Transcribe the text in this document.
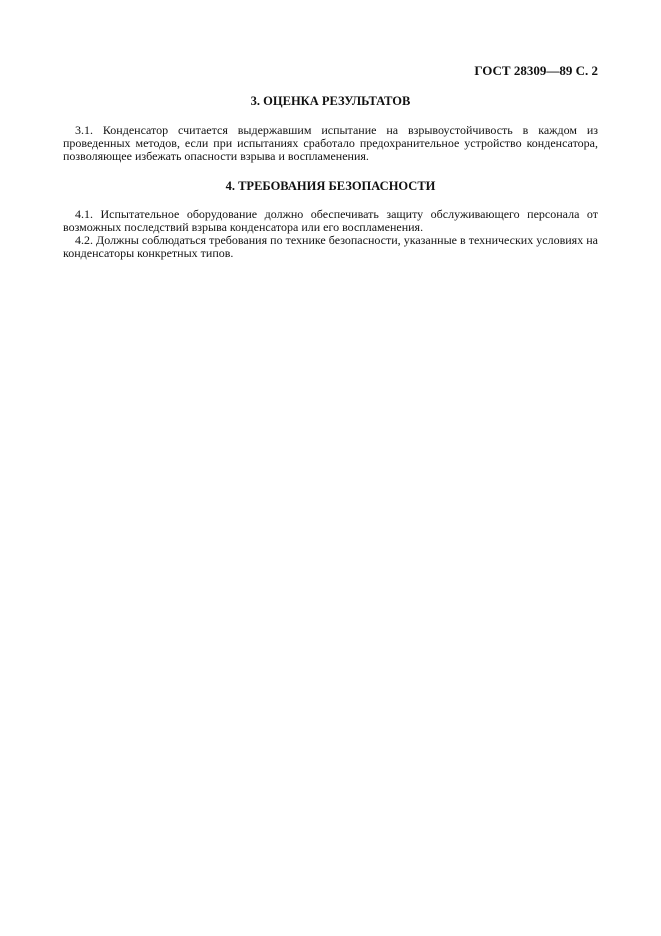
ГОСТ 28309—89 С. 2
3. ОЦЕНКА РЕЗУЛЬТАТОВ
3.1. Конденсатор считается выдержавшим испытание на взрывоустойчивость в каждом из проведенных методов, если при испытаниях сработало предохранительное устройство конденсатора, позволяющее избежать опасности взрыва и воспламенения.
4. ТРЕБОВАНИЯ БЕЗОПАСНОСТИ
4.1. Испытательное оборудование должно обеспечивать защиту обслуживающего персонала от возможных последствий взрыва конденсатора или его воспламенения.
4.2. Должны соблюдаться требования по технике безопасности, указанные в технических условиях на конденсаторы конкретных типов.
